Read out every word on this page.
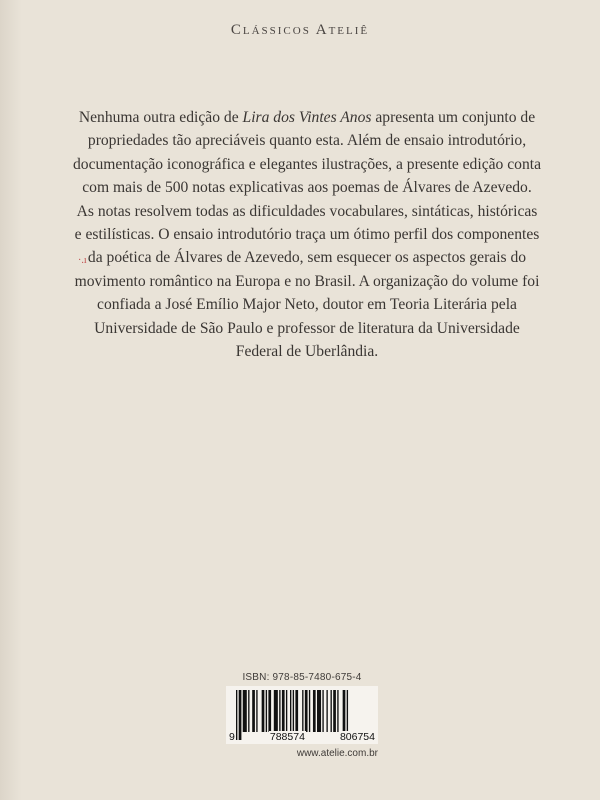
Clássicos Ateliê
·.ı

Nenhuma outra edição de Lira dos Vintes Anos apresenta um conjunto de propriedades tão apreciáveis quanto esta. Além de ensaio introdutório, documentação iconográfica e elegantes ilustrações, a presente edição conta com mais de 500 notas explicativas aos poemas de Álvares de Azevedo.

As notas resolvem todas as dificuldades vocabulares, sintáticas, históricas e estilísticas. O ensaio introdutório traça um ótimo perfil dos componentes da poética de Álvares de Azevedo, sem esquecer os aspectos gerais do movimento romântico na Europa e no Brasil. A organização do volume foi confiada a José Emílio Major Neto, doutor em Teoria Literária pela Universidade de São Paulo e professor de literatura da Universidade Federal de Uberlândia.

ISBN: 978-85-7480-675-4
9	788574	806754
www.atelie.com.br
